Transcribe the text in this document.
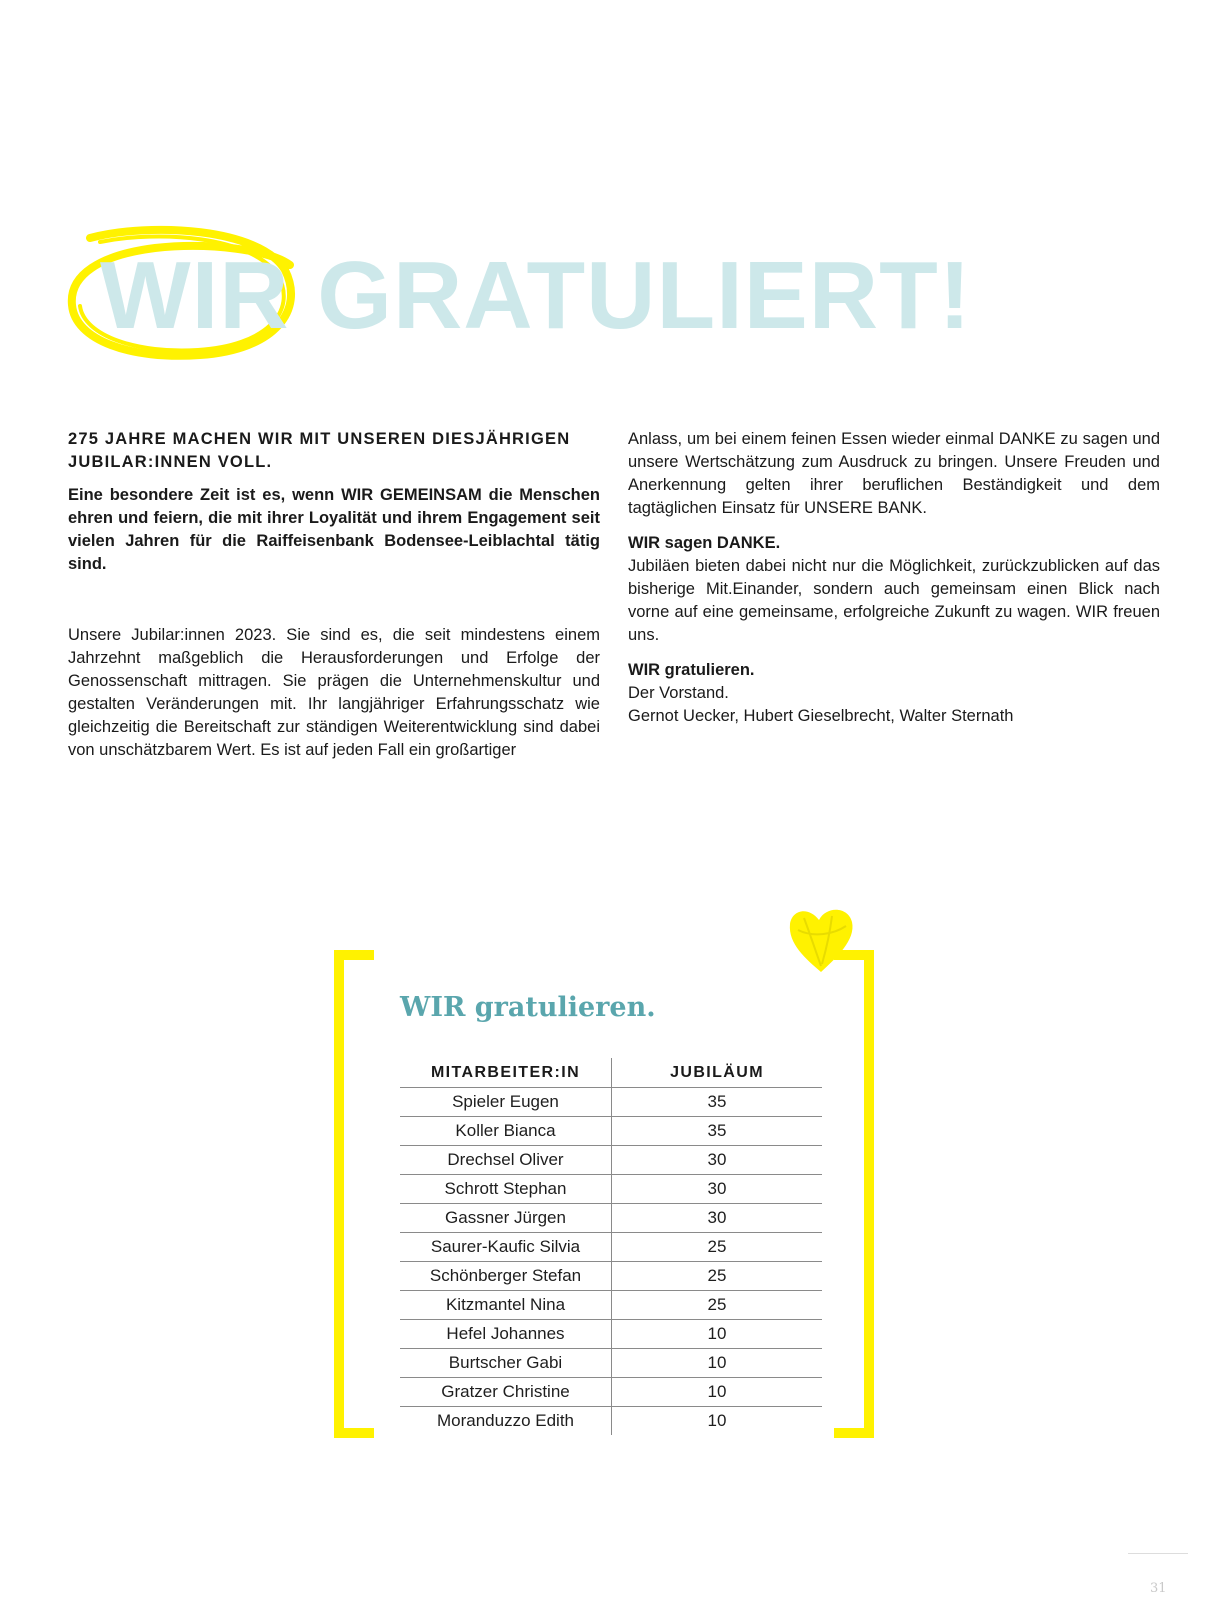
WIR GRATULIERT!

275 JAHRE MACHEN WIR MIT UNSEREN DIESJÄHRIGEN JUBILAR:INNEN VOLL.

Eine besondere Zeit ist es, wenn WIR GEMEINSAM die Menschen ehren und feiern, die mit ihrer Loyalität und ihrem Engagement seit vielen Jahren für die Raiffeisenbank Bodensee-Leiblachtal tätig sind.

Unsere Jubilar:innen 2023. Sie sind es, die seit mindestens einem Jahrzehnt maßgeblich die Herausforderungen und Erfolge der Genossenschaft mittragen. Sie prägen die Unternehmenskultur und gestalten Veränderungen mit. Ihr langjähriger Erfahrungsschatz wie gleichzeitig die Bereitschaft zur ständigen Weiterentwicklung sind dabei von unschätzbarem Wert. Es ist auf jeden Fall ein großartiger

Anlass, um bei einem feinen Essen wieder einmal DANKE zu sagen und unsere Wertschätzung zum Ausdruck zu bringen. Unsere Freuden und Anerkennung gelten ihrer beruflichen Beständigkeit und dem tagtäglichen Einsatz für UNSERE BANK.

WIR sagen DANKE.

Jubiläen bieten dabei nicht nur die Möglichkeit, zurückzublicken auf das bisherige Mit.Einander, sondern auch gemeinsam einen Blick nach vorne auf eine gemeinsame, erfolgreiche Zukunft zu wagen. WIR freuen uns.

WIR gratulieren.

Der Vorstand.

Gernot Uecker, Hubert Gieselbrecht, Walter Sternath

WIR gratulieren.
MITARBEITER:IN	JUBILÄUM
Spieler Eugen	35
Koller Bianca	35
Drechsel Oliver	30
Schrott Stephan	30
Gassner Jürgen	30
Saurer-Kaufic Silvia	25
Schönberger Stefan	25
Kitzmantel Nina	25
Hefel Johannes	10
Burtscher Gabi	10
Gratzer Christine	10
Moranduzzo Edith	10
31
